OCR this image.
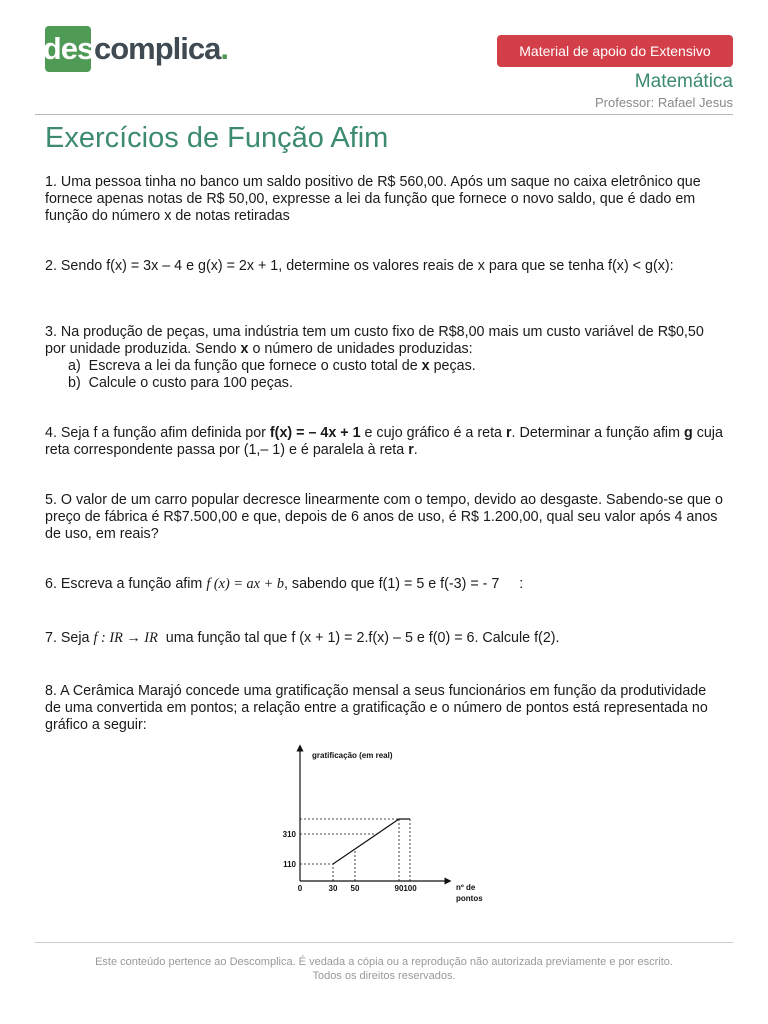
des complica.	Material de apoio do Extensivo
Matemática
Professor: Rafael Jesus
Exercícios de Função Afim

1. Uma pessoa tinha no banco um saldo positivo de R$ 560,00. Após um saque no caixa eletrônico que fornece apenas notas de R$ 50,00, expresse a lei da função que fornece o novo saldo, que é dado em função do número x de notas retiradas

2. Sendo f(x) = 3x – 4 e g(x) = 2x + 1, determine os valores reais de x para que se tenha f(x) < g(x):

3. Na produção de peças, uma indústria tem um custo fixo de R$8,00 mais um custo variável de R$0,50 por unidade produzida. Sendo x o número de unidades produzidas:

a)  Escreva a lei da função que fornece o custo total de x peças.
b)  Calcule o custo para 100 peças.

4. Seja f a função afim definida por f(x) = – 4x + 1 e cujo gráfico é a reta r. Determinar a função afim g cuja reta correspondente passa por (1,– 1) e é paralela à reta r.

5. O valor de um carro popular decresce linearmente com o tempo, devido ao desgaste. Sabendo-se que o preço de fábrica é R$7.500,00 e que, depois de 6 anos de uso, é R$ 1.200,00, qual seu valor após 4 anos de uso, em reais?

6. Escreva a função afim f (x) = ax + b, sabendo que f(1) = 5 e f(-3) = - 7     :

7. Seja f : IR → IR  uma função tal que f (x + 1) = 2.f(x) – 5 e f(0) = 6. Calcule f(2).

8. A Cerâmica Marajó concede uma gratificação mensal a seus funcionários em função da produtividade de uma convertida em pontos; a relação entre a gratificação e o número de pontos está representada no gráfico a seguir:

0	30 50	90 100
110
310
gratificação (em real)
nº de
pontos
Este conteúdo pertence ao Descomplica. É vedada a cópia ou a reprodução não autorizada previamente e por escrito.
Todos os direitos reservados.
